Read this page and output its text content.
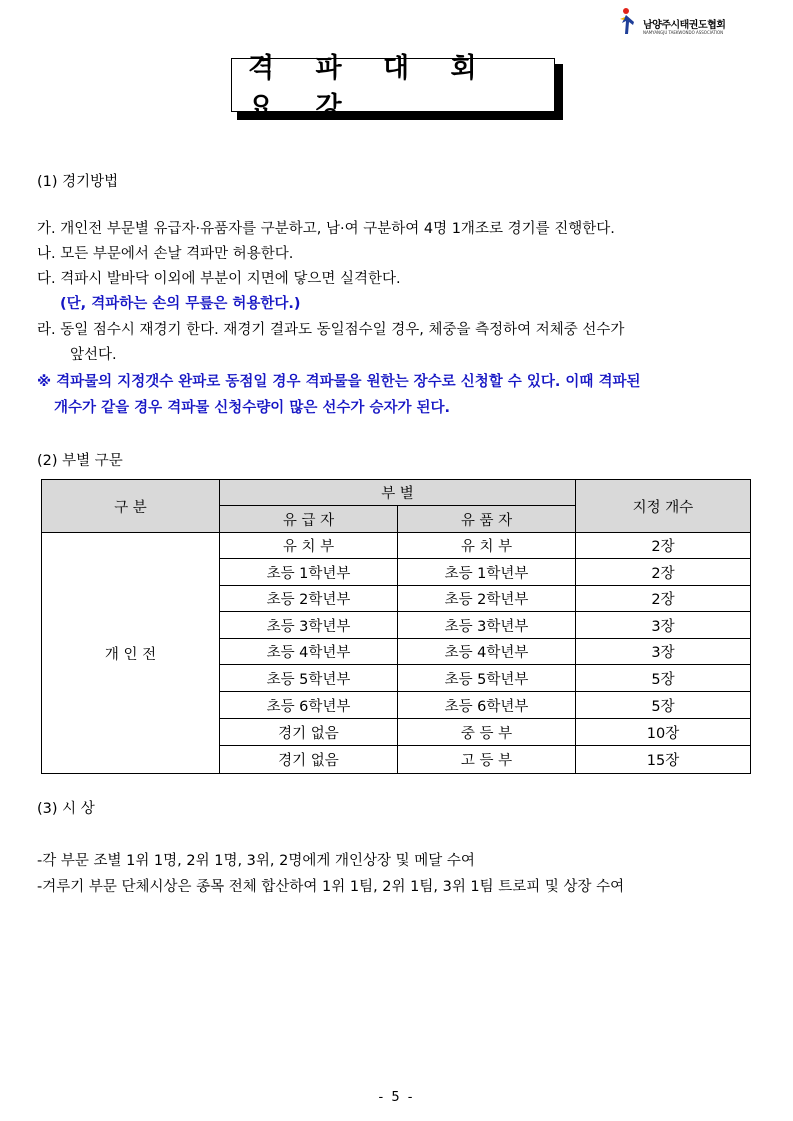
남양주시태권도협회
NAMYANGJU TAEKWONDO ASSOCIATION
격 파 대 회 요 강
(1) 경기방법
가. 개인전 부문별 유급자·유품자를 구분하고, 남·여 구분하여 4명 1개조로 경기를 진행한다.
나. 모든 부문에서 손날 격파만 허용한다.
다. 격파시 발바닥 이외에 부분이 지면에 닿으면 실격한다.
(단, 격파하는 손의 무릎은 허용한다.)
라. 동일 점수시 재경기 한다. 재경기 결과도 동일점수일 경우, 체중을 측정하여 저체중 선수가
앞선다.
※ 격파물의 지정갯수 완파로 동점일 경우 격파물을 원한는 장수로 신청할 수 있다. 이때 격파된
개수가 같을 경우 격파물 신청수량이 많은 선수가 승자가 된다.
(2) 부별 구문
구 분
부 별
유 급 자	유 품 자
지정 개수
개 인 전
유 치 부	유 치 부	2장
초등 1학년부	초등 1학년부	2장
초등 2학년부	초등 2학년부	2장
초등 3학년부	초등 3학년부	3장
초등 4학년부	초등 4학년부	3장
초등 5학년부	초등 5학년부	5장
초등 6학년부	초등 6학년부	5장
경기 없음	중 등 부	10장
경기 없음	고 등 부	15장
(3) 시 상
-각 부문 조별 1위 1명, 2위 1명, 3위, 2명에게 개인상장 및 메달 수여
-겨루기 부문 단체시상은 종목 전체 합산하여 1위 1팀, 2위 1팀, 3위 1팀 트로피 및 상장 수여
- 5 -
